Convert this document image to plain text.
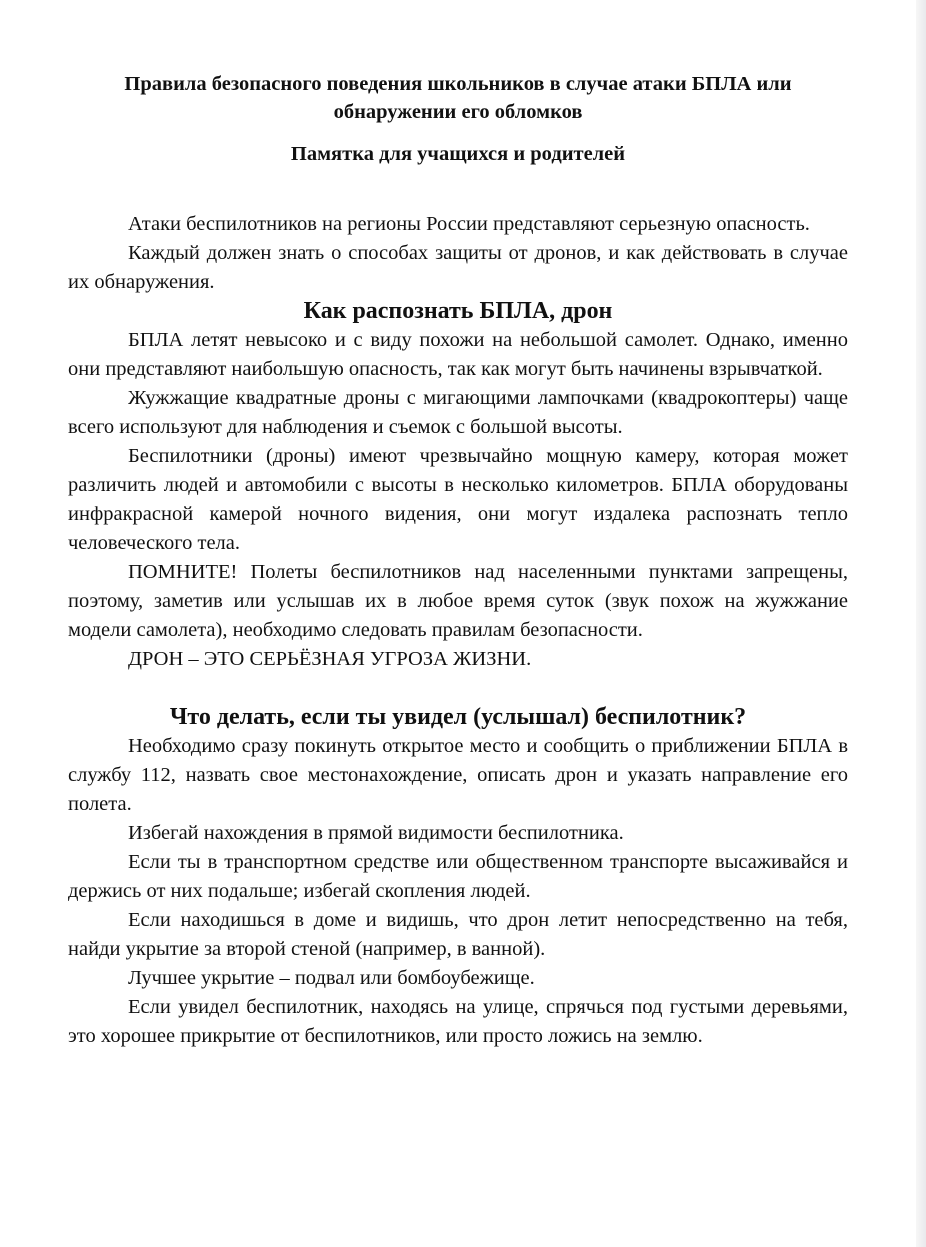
Правила безопасного поведения школьников в случае атаки БПЛА или обнаружении его обломков
Памятка для учащихся и родителей

Атаки беспилотников на регионы России представляют серьезную опасность.

Каждый должен знать о способах защиты от дронов, и как действовать в случае их обнаружения.

Как распознать БПЛА, дрон

БПЛА летят невысоко и с виду похожи на небольшой самолет. Однако, именно они представляют наибольшую опасность, так как могут быть начинены взрывчаткой.

Жужжащие квадратные дроны с мигающими лампочками (квадрокоптеры) чаще всего используют для наблюдения и съемок с большой высоты.

Беспилотники (дроны) имеют чрезвычайно мощную камеру, которая может различить людей и автомобили с высоты в несколько километров. БПЛА оборудованы инфракрасной камерой ночного видения, они могут издалека распознать тепло человеческого тела.

ПОМНИТЕ! Полеты беспилотников над населенными пунктами запрещены, поэтому, заметив или услышав их в любое время суток (звук похож на жужжание модели самолета), необходимо следовать правилам безопасности.

ДРОН – ЭТО СЕРЬЁЗНАЯ УГРОЗА ЖИЗНИ.

Что делать, если ты увидел (услышал) беспилотник?

Необходимо сразу покинуть открытое место и сообщить о приближении БПЛА в службу 112, назвать свое местонахождение, описать дрон и указать направление его полета.

Избегай нахождения в прямой видимости беспилотника.

Если ты в транспортном средстве или общественном транспорте высаживайся и держись от них подальше; избегай скопления людей.

Если находишься в доме и видишь, что дрон летит непосредственно на тебя, найди укрытие за второй стеной (например, в ванной).

Лучшее укрытие – подвал или бомбоубежище.

Если увидел беспилотник, находясь на улице, спрячься под густыми деревьями, это хорошее прикрытие от беспилотников, или просто ложись на землю.
